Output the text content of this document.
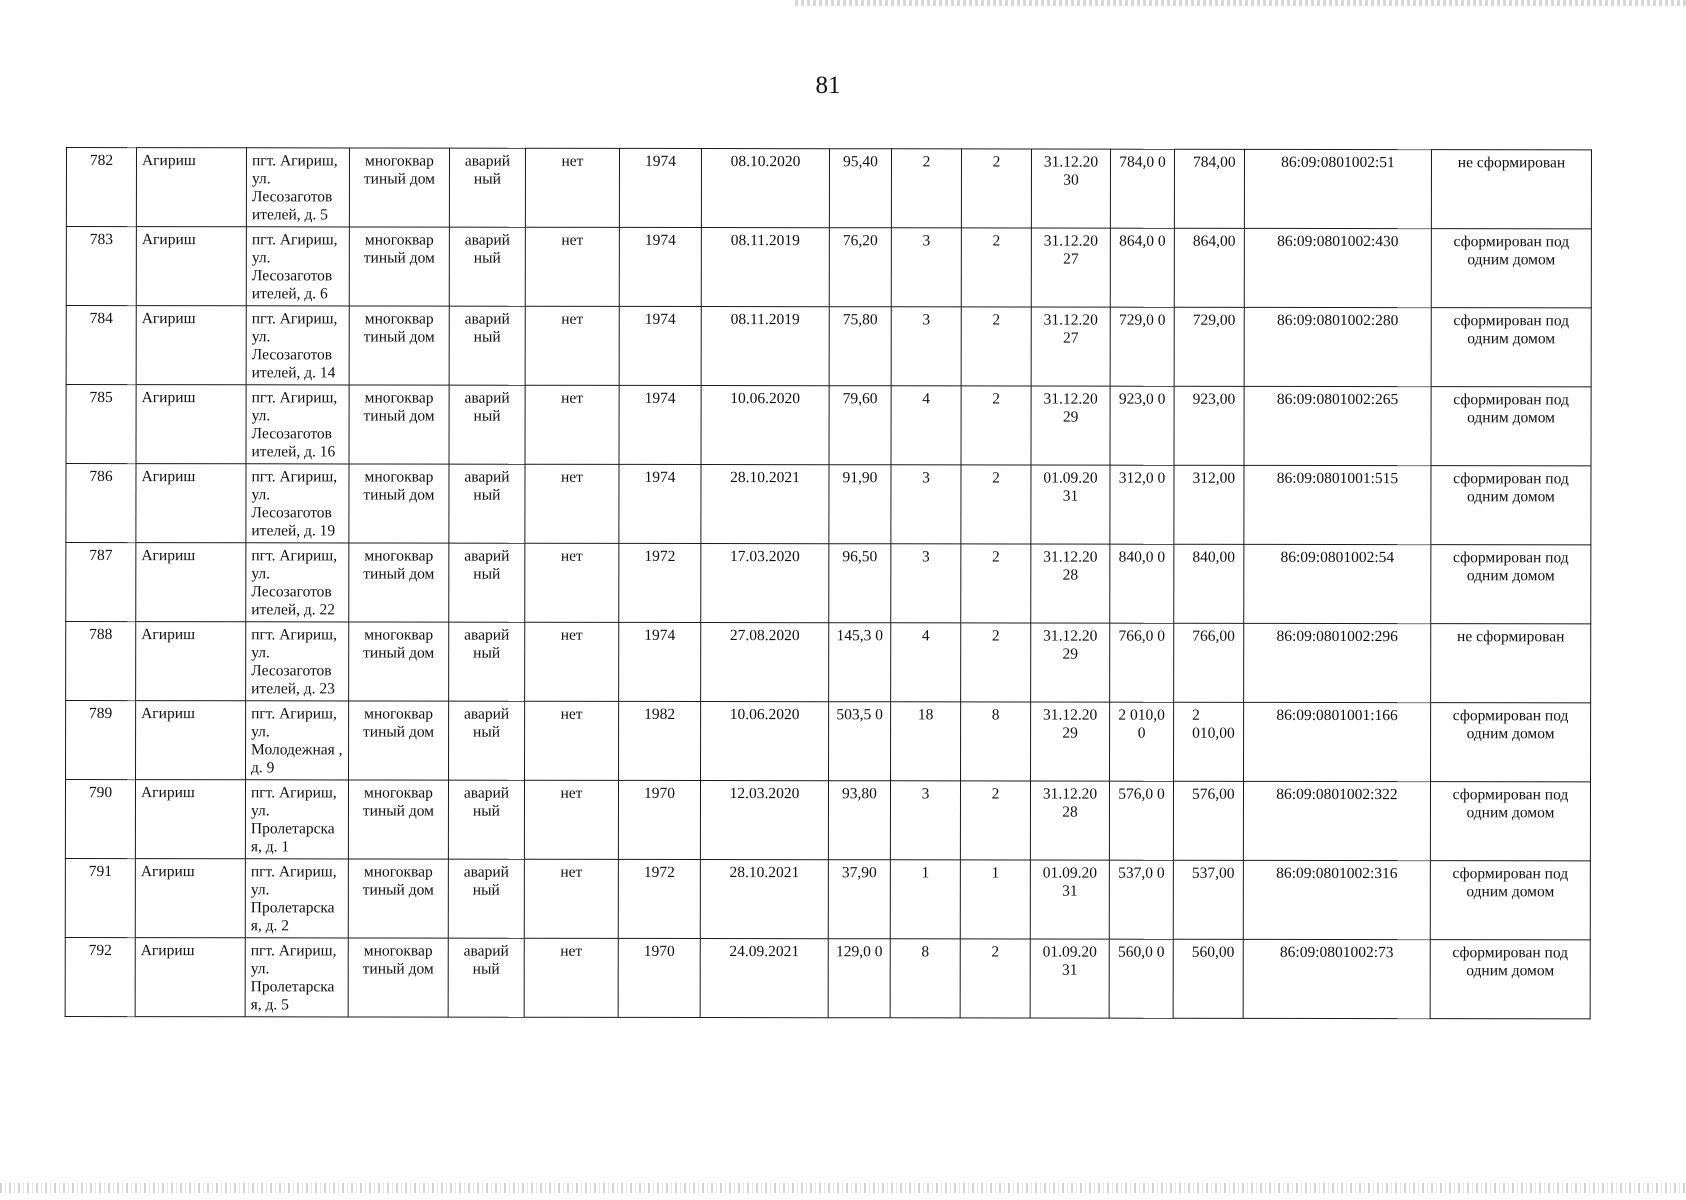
81
782	Агириш	пгт. Агириш, ул. Лесозаготов ителей, д. 5	многоквар тиный дом	аварий ный	нет	1974	08.10.2020	95,40	2	2	31.12.20 30	784,0 0	784,00	86:09:0801002:51	не сформирован
783	Агириш	пгт. Агириш, ул. Лесозаготов ителей, д. 6	многоквар тиный дом	аварий ный	нет	1974	08.11.2019	76,20	3	2	31.12.20 27	864,0 0	864,00	86:09:0801002:430	сформирован под одним домом
784	Агириш	пгт. Агириш, ул. Лесозаготов ителей, д. 14	многоквар тиный дом	аварий ный	нет	1974	08.11.2019	75,80	3	2	31.12.20 27	729,0 0	729,00	86:09:0801002:280	сформирован под одним домом
785	Агириш	пгт. Агириш, ул. Лесозаготов ителей, д. 16	многоквар тиный дом	аварий ный	нет	1974	10.06.2020	79,60	4	2	31.12.20 29	923,0 0	923,00	86:09:0801002:265	сформирован под одним домом
786	Агириш	пгт. Агириш, ул. Лесозаготов ителей, д. 19	многоквар тиный дом	аварий ный	нет	1974	28.10.2021	91,90	3	2	01.09.20 31	312,0 0	312,00	86:09:0801001:515	сформирован под одним домом
787	Агириш	пгт. Агириш, ул. Лесозаготов ителей, д. 22	многоквар тиный дом	аварий ный	нет	1972	17.03.2020	96,50	3	2	31.12.20 28	840,0 0	840,00	86:09:0801002:54	сформирован под одним домом
788	Агириш	пгт. Агириш, ул. Лесозаготов ителей, д. 23	многоквар тиный дом	аварий ный	нет	1974	27.08.2020	145,3 0	4	2	31.12.20 29	766,0 0	766,00	86:09:0801002:296	не сформирован
789	Агириш	пгт. Агириш, ул. Молодежная , д. 9	многоквар тиный дом	аварий ный	нет	1982	10.06.2020	503,5 0	18	8	31.12.20 29	2 010,0 0	2 010,00	86:09:0801001:166	сформирован под одним домом
790	Агириш	пгт. Агириш, ул. Пролетарска я, д. 1	многоквар тиный дом	аварий ный	нет	1970	12.03.2020	93,80	3	2	31.12.20 28	576,0 0	576,00	86:09:0801002:322	сформирован под одним домом
791	Агириш	пгт. Агириш, ул. Пролетарска я, д. 2	многоквар тиный дом	аварий ный	нет	1972	28.10.2021	37,90	1	1	01.09.20 31	537,0 0	537,00	86:09:0801002:316	сформирован под одним домом
792	Агириш	пгт. Агириш, ул. Пролетарска я, д. 5	многоквар тиный дом	аварий ный	нет	1970	24.09.2021	129,0 0	8	2	01.09.20 31	560,0 0	560,00	86:09:0801002:73	сформирован под одним домом
